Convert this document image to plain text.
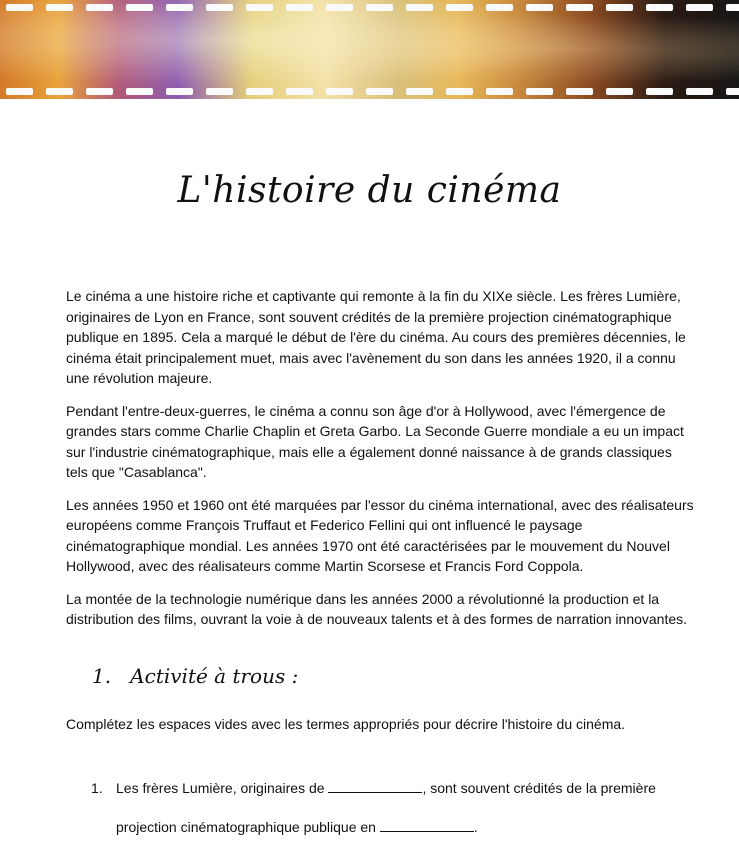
L'histoire du cinéma

Le cinéma a une histoire riche et captivante qui remonte à la fin du XIXe siècle. Les frères Lumière, originaires de Lyon en France, sont souvent crédités de la première projection cinématographique publique en 1895. Cela a marqué le début de l'ère du cinéma. Au cours des premières décennies, le cinéma était principalement muet, mais avec l'avènement du son dans les années 1920, il a connu une révolution majeure.

Pendant l'entre-deux-guerres, le cinéma a connu son âge d'or à Hollywood, avec l'émergence de grandes stars comme Charlie Chaplin et Greta Garbo. La Seconde Guerre mondiale a eu un impact sur l'industrie cinématographique, mais elle a également donné naissance à de grands classiques tels que "Casablanca".

Les années 1950 et 1960 ont été marquées par l'essor du cinéma international, avec des réalisateurs européens comme François Truffaut et Federico Fellini qui ont influencé le paysage cinématographique mondial. Les années 1970 ont été caractérisées par le mouvement du Nouvel Hollywood, avec des réalisateurs comme Martin Scorsese et Francis Ford Coppola.

La montée de la technologie numérique dans les années 2000 a révolutionné la production et la distribution des films, ouvrant la voie à de nouveaux talents et à des formes de narration innovantes.

1. Activité à trous :

Complétez les espaces vides avec les termes appropriés pour décrire l'histoire du cinéma.

1. Les frères Lumière, originaires de	, sont souvent crédités de la première

projection cinématographique publique en	.
